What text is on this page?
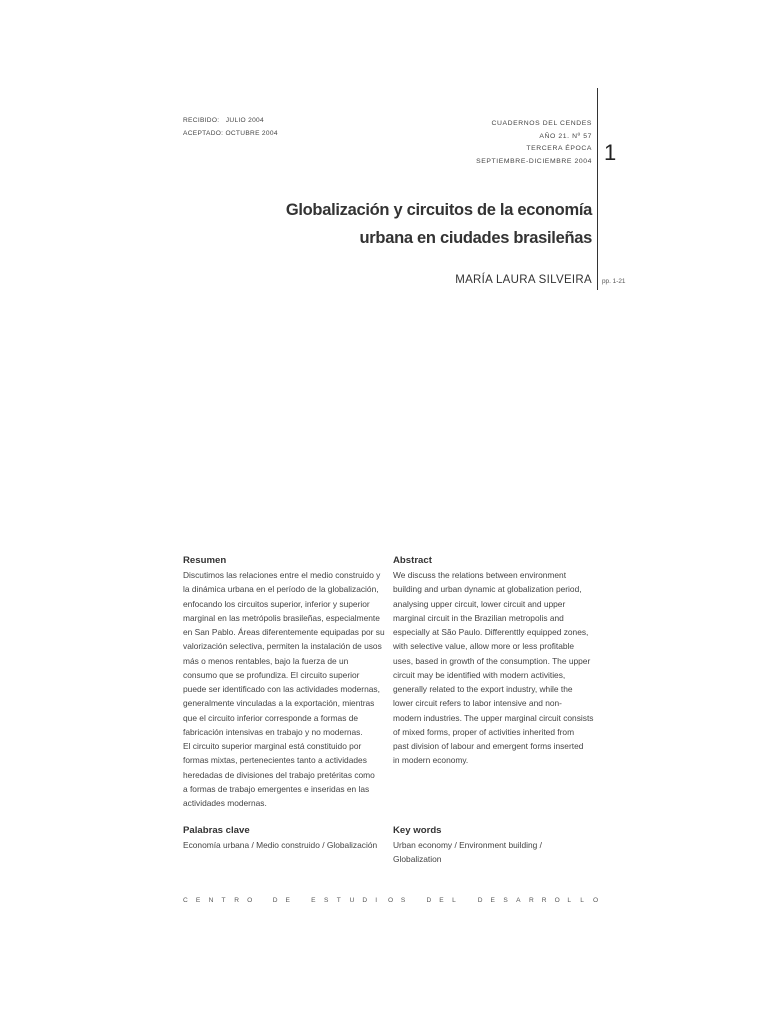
RECIBIDO:   JULIO 2004
ACEPTADO: OCTUBRE 2004
CUADERNOS DEL CENDES
AÑO 21. Nº 57
TERCERA ÉPOCA
SEPTIEMBRE-DICIEMBRE 2004 1
Globalización y circuitos de la economía
urbana en ciudades brasileñas
MARÍA LAURA SILVEIRA pp. 1-21
Resumen
Discutimos las relaciones entre el medio construido y
la dinámica urbana en el período de la globalización,
enfocando los circuitos superior, inferior y superior
marginal en las metrópolis brasileñas, especialmente
en San Pablo. Áreas diferentemente equipadas por su
valorización selectiva, permiten la instalación de usos
más o menos rentables, bajo la fuerza de un
consumo que se profundiza. El circuito superior
puede ser identificado con las actividades modernas,
generalmente vinculadas a la exportación, mientras
que el circuito inferior corresponde a formas de
fabricación intensivas en trabajo y no modernas.
El circuito superior marginal está constituido por
formas mixtas, pertenecientes tanto a actividades
heredadas de divisiones del trabajo pretéritas como
a formas de trabajo emergentes e inseridas en las
actividades modernas.
Abstract
We discuss the relations between environment
building and urban dynamic at globalization period,
analysing upper circuit, lower circuit and upper
marginal circuit in the Brazilian metropolis and
especially at São Paulo. Differenttly equipped zones,
with selective value, allow more or less profitable
uses, based in growth of the consumption. The upper
circuit may be identified with modern activities,
generally related to the export industry, while the
lower circuit refers to labor intensive and non-
modern industries. The upper marginal circuit consists
of mixed forms, proper of activities inherited from
past division of labour and emergent forms inserted
in modern economy.
Palabras clave
Economía urbana / Medio construido / Globalización
Key words
Urban economy / Environment building /
Globalization
C E N T R O	D E	E S T U D I O S	D E L	D E S A R R O L L O
